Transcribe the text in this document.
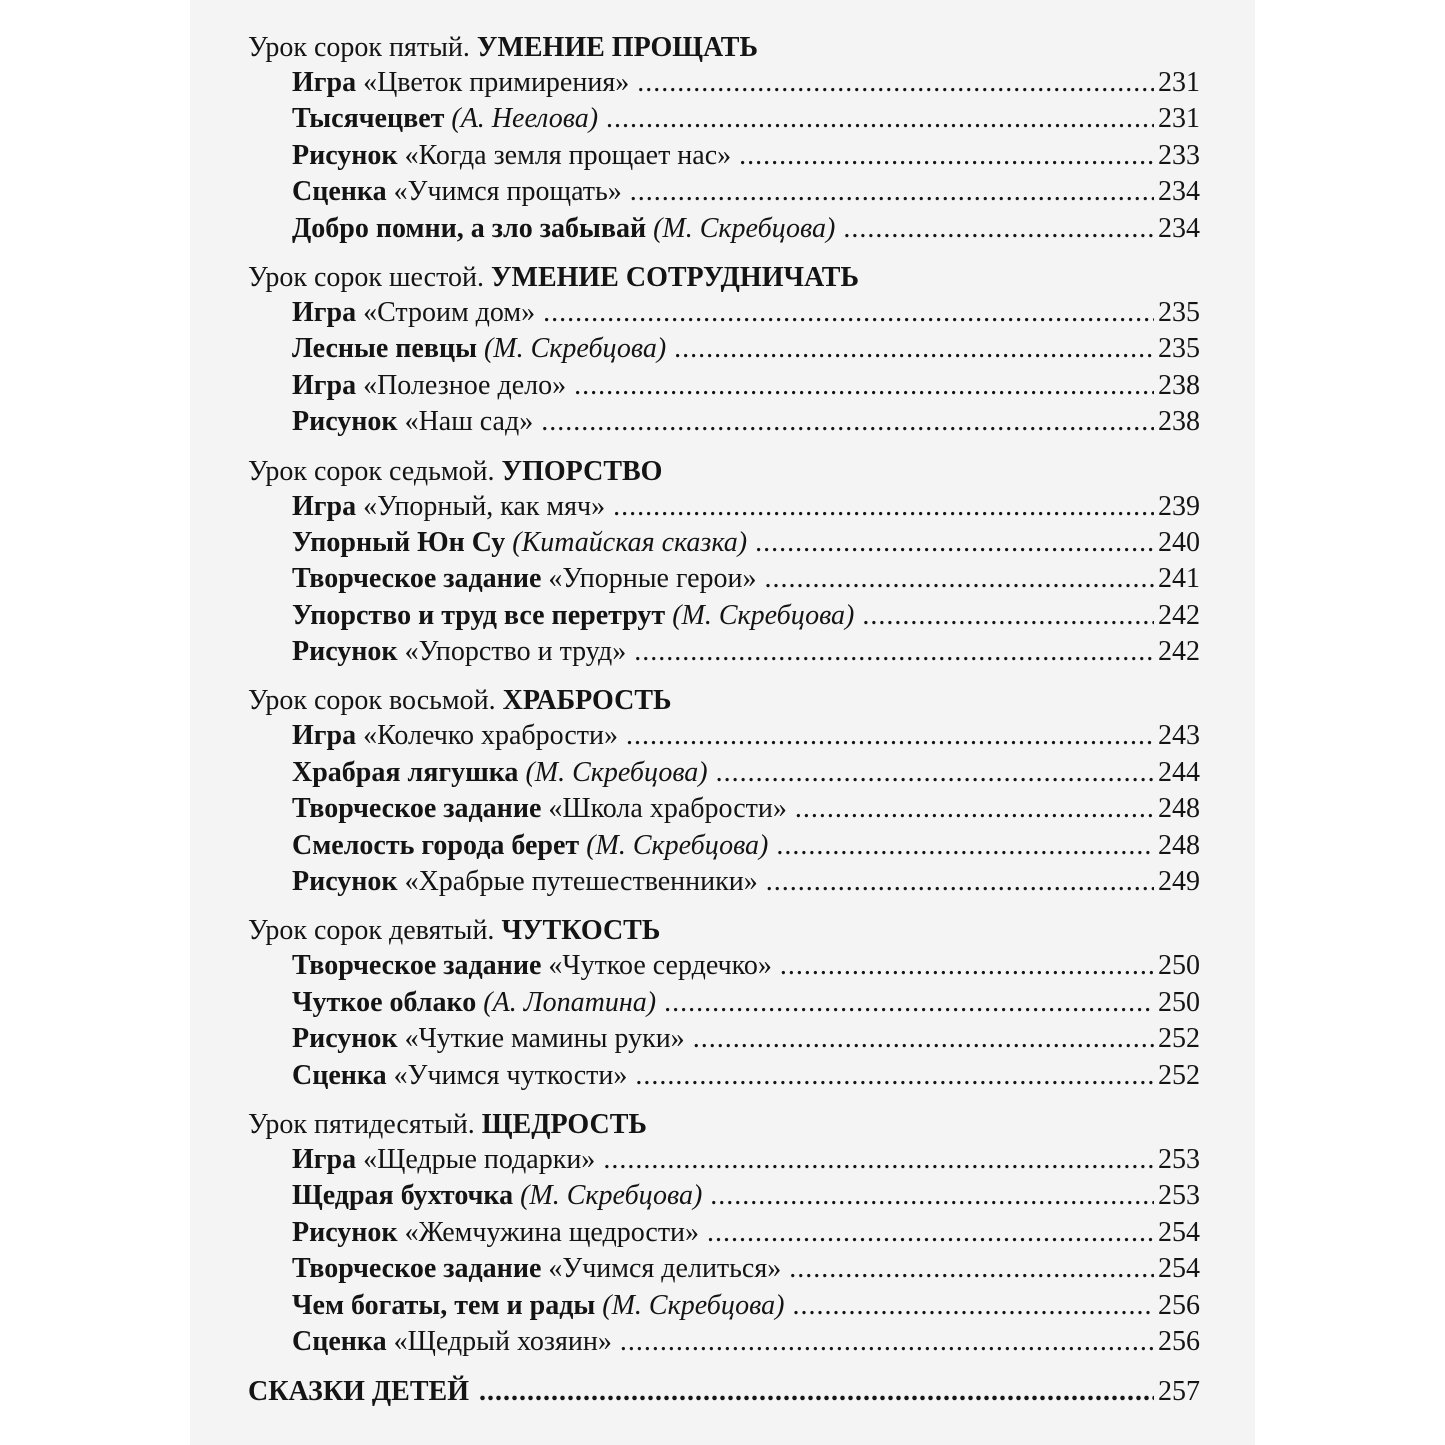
Урок сорок пятый. УМЕНИЕ ПРОЩАТЬ
Игра «Цветок примирения» .....	231
Тысячецвет (А. Неелова) .....	231
Рисунок «Когда земля прощает нас» .....	233
Сценка «Учимся прощать» .....	234
Добро помни, а зло забывай (М. Скребцова) .....	234
Урок сорок шестой. УМЕНИЕ СОТРУДНИЧАТЬ
Игра «Строим дом» .....	235
Лесные певцы (М. Скребцова) .....	235
Игра «Полезное дело» .....	238
Рисунок «Наш сад» .....	238
Урок сорок седьмой. УПОРСТВО
Игра «Упорный, как мяч» .....	239
Упорный Юн Су (Китайская сказка) .....	240
Творческое задание «Упорные герои» .....	241
Упорство и труд все перетрут (М. Скребцова) .....	242
Рисунок «Упорство и труд» .....	242
Урок сорок восьмой. ХРАБРОСТЬ
Игра «Колечко храбрости» .....	243
Храбрая лягушка (М. Скребцова) .....	244
Творческое задание «Школа храбрости» .....	248
Смелость города берет (М. Скребцова) .....	248
Рисунок «Храбрые путешественники» .....	249
Урок сорок девятый. ЧУТКОСТЬ
Творческое задание «Чуткое сердечко» .....	250
Чуткое облако (А. Лопатина) .....	250
Рисунок «Чуткие мамины руки» .....	252
Сценка «Учимся чуткости» .....	252
Урок пятидесятый. ЩЕДРОСТЬ
Игра «Щедрые подарки» .....	253
Щедрая бухточка (М. Скребцова) .....	253
Рисунок «Жемчужина щедрости» .....	254
Творческое задание «Учимся делиться» .....	254
Чем богаты, тем и рады (М. Скребцова) .....	256
Сценка «Щедрый хозяин» .....	256
СКАЗКИ ДЕТЕЙ .....	257
